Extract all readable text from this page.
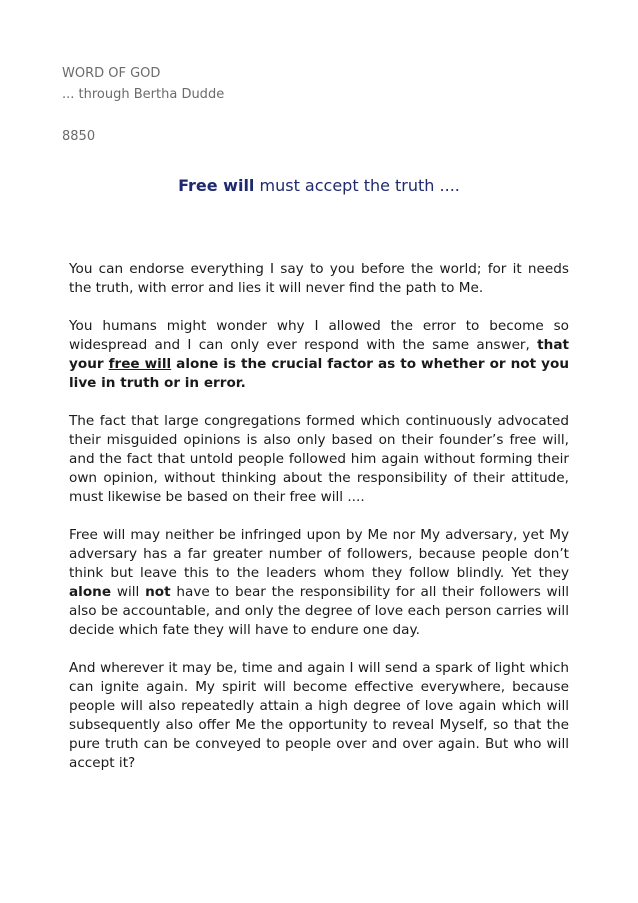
WORD OF GOD
... through Bertha Dudde
8850
Free will must accept the truth ....

You can endorse everything I say to you before the world; for it needs the truth, with error and lies it will never find the path to Me.

You humans might wonder why I allowed the error to become so widespread and I can only ever respond with the same answer, that your free will alone is the crucial factor as to whether or not you live in truth or in error.

The fact that large congregations formed which continuously advocated their misguided opinions is also only based on their founder’s free will, and the fact that untold people followed him again without forming their own opinion, without thinking about the responsibility of their attitude, must likewise be based on their free will ....

Free will may neither be infringed upon by Me nor My adversary, yet My adversary has a far greater number of followers, because people don’t think but leave this to the leaders whom they follow blindly. Yet they alone will not have to bear the responsibility for all their followers will also be accountable, and only the degree of love each person carries will decide which fate they will have to endure one day.

And wherever it may be, time and again I will send a spark of light which can ignite again. My spirit will become effective everywhere, because people will also repeatedly attain a high degree of love again which will subsequently also offer Me the opportunity to reveal Myself, so that the pure truth can be conveyed to people over and over again. But who will accept it?
